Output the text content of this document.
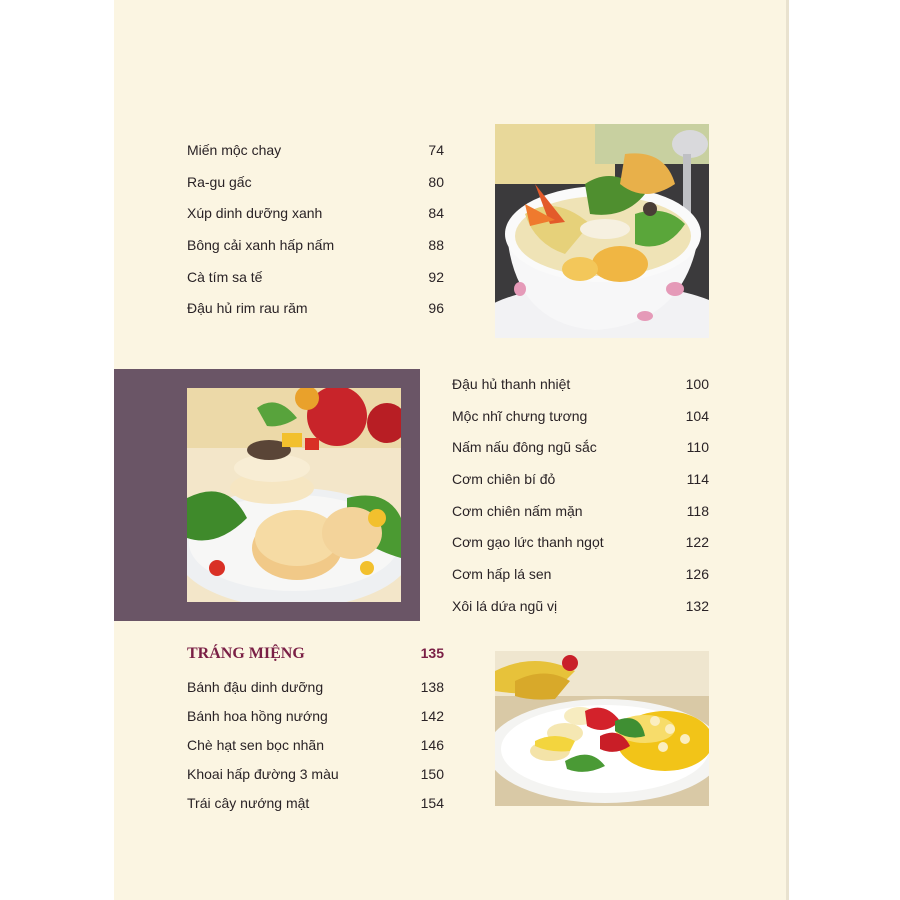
Miến mộc chay	74
Ra-gu gấc	80
Xúp dinh dưỡng xanh	84
Bông cải xanh hấp nấm	88
Cà tím sa tế	92
Đậu hủ rim rau răm	96
Đậu hủ thanh nhiệt	100
Mộc nhĩ chưng tương	104
Nấm nấu đông ngũ sắc	110
Cơm chiên bí đỏ	114
Cơm chiên nấm mặn	118
Cơm gạo lức thanh ngọt	122
Cơm hấp lá sen	126
Xôi lá dứa ngũ vị	132
TRÁNG MIỆNG	135
Bánh đậu dinh dưỡng	138
Bánh hoa hồng nướng	142
Chè hạt sen bọc nhãn	146
Khoai hấp đường 3 màu	150
Trái cây nướng mật	154
